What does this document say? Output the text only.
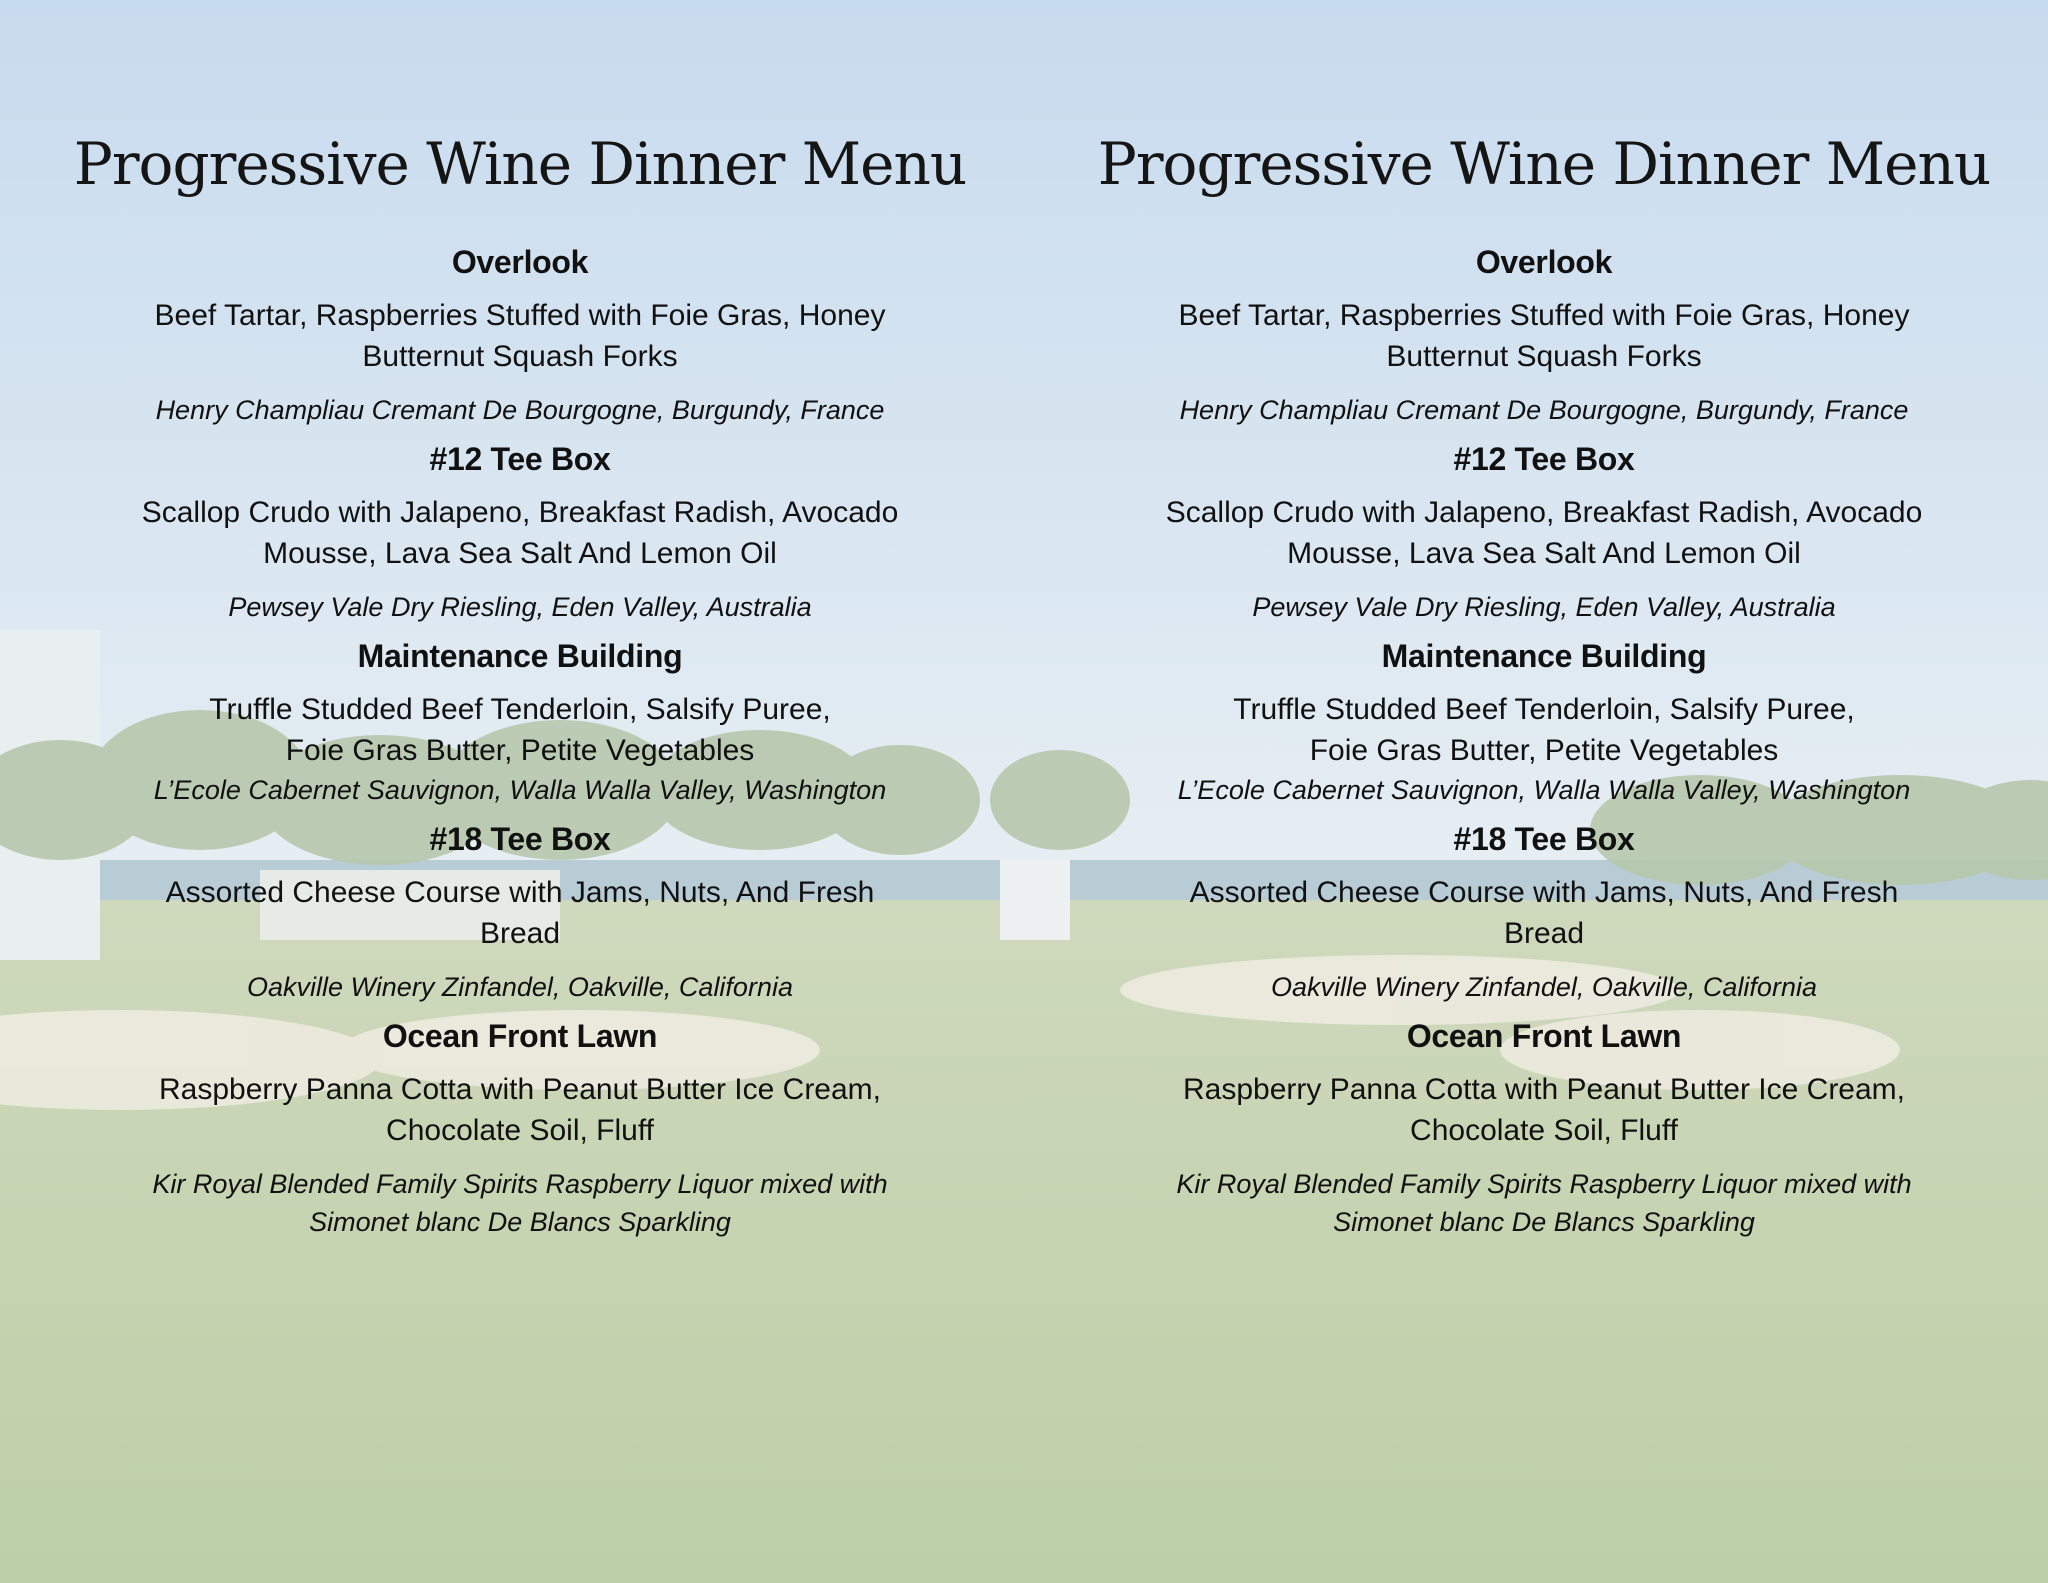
Progressive Wine Dinner Menu
Overlook
Beef Tartar, Raspberries Stuffed with Foie Gras, Honey
Butternut Squash Forks
Henry Champliau Cremant De Bourgogne, Burgundy, France
#12 Tee Box
Scallop Crudo with Jalapeno, Breakfast Radish, Avocado
Mousse, Lava Sea Salt And Lemon Oil
Pewsey Vale Dry Riesling, Eden Valley, Australia
Maintenance Building
Truffle Studded Beef Tenderloin, Salsify Puree,
Foie Gras Butter, Petite Vegetables
L’Ecole Cabernet Sauvignon, Walla Walla Valley, Washington
#18 Tee Box
Assorted Cheese Course with Jams, Nuts, And Fresh Bread
Oakville Winery Zinfandel, Oakville, California
Ocean Front Lawn
Raspberry Panna Cotta with Peanut Butter Ice Cream,
Chocolate Soil, Fluff
Kir Royal Blended Family Spirits Raspberry Liquor mixed with
Simonet blanc De Blancs Sparkling
Progressive Wine Dinner Menu
Overlook
Beef Tartar, Raspberries Stuffed with Foie Gras, Honey
Butternut Squash Forks
Henry Champliau Cremant De Bourgogne, Burgundy, France
#12 Tee Box
Scallop Crudo with Jalapeno, Breakfast Radish, Avocado
Mousse, Lava Sea Salt And Lemon Oil
Pewsey Vale Dry Riesling, Eden Valley, Australia
Maintenance Building
Truffle Studded Beef Tenderloin, Salsify Puree,
Foie Gras Butter, Petite Vegetables
L’Ecole Cabernet Sauvignon, Walla Walla Valley, Washington
#18 Tee Box
Assorted Cheese Course with Jams, Nuts, And Fresh Bread
Oakville Winery Zinfandel, Oakville, California
Ocean Front Lawn
Raspberry Panna Cotta with Peanut Butter Ice Cream,
Chocolate Soil, Fluff
Kir Royal Blended Family Spirits Raspberry Liquor mixed with
Simonet blanc De Blancs Sparkling
